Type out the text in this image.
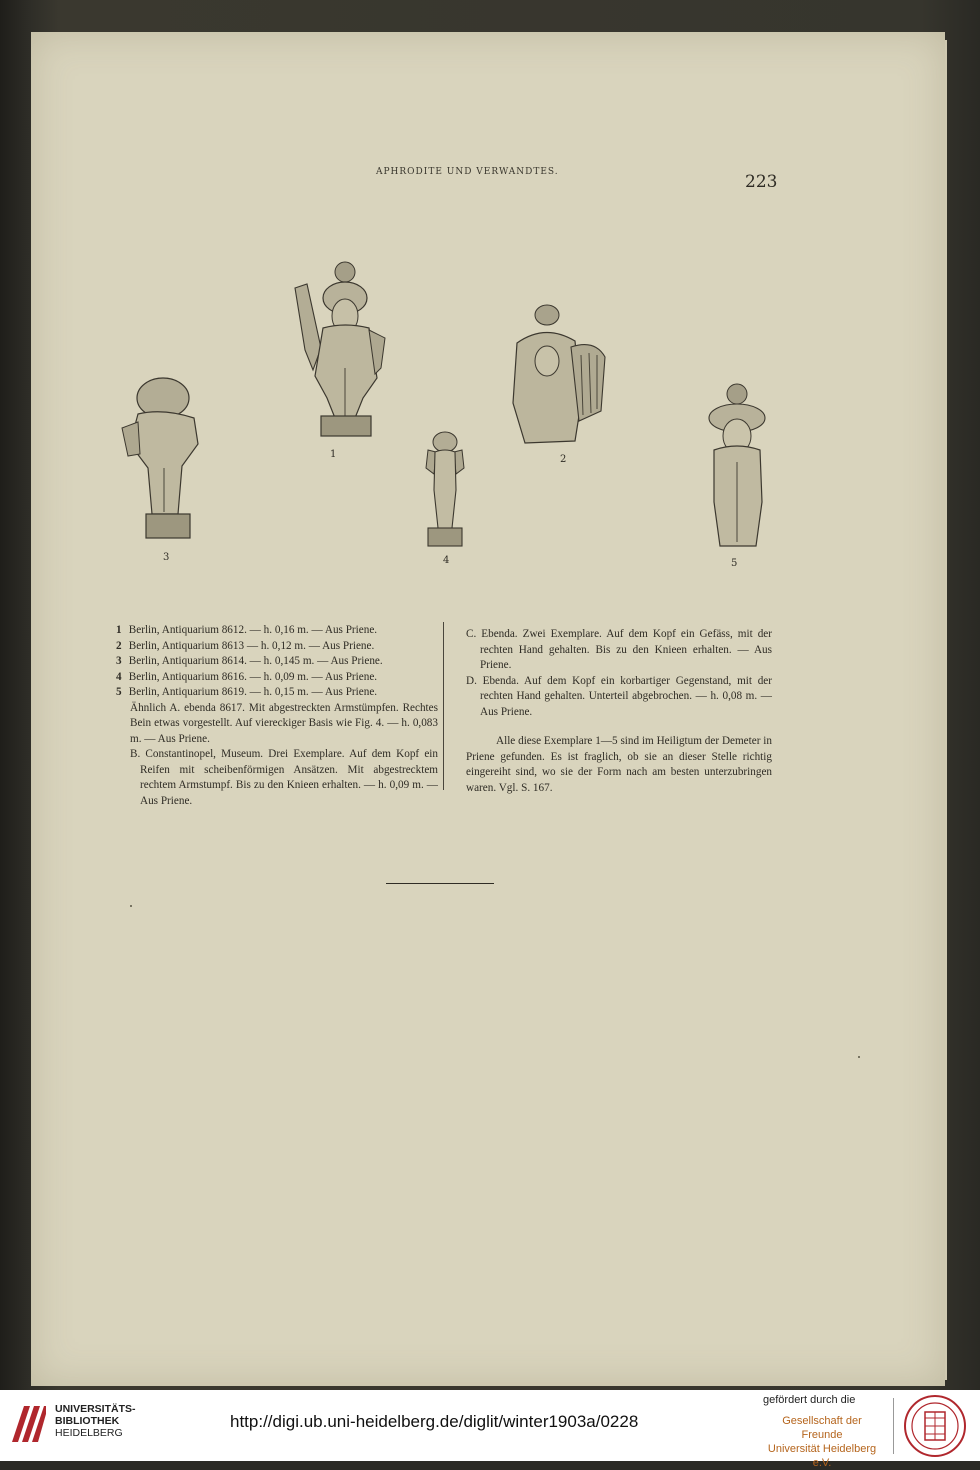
APHRODITE UND VERWANDTES.	223
1	2
3	4	5

1 Berlin, Antiquarium 8612. — h. 0,16 m. — Aus Priene.

2 Berlin, Antiquarium 8613 — h. 0,12 m. — Aus Priene.

3 Berlin, Antiquarium 8614. — h. 0,145 m. — Aus Priene.

4 Berlin, Antiquarium 8616. — h. 0,09 m. — Aus Priene.

5 Berlin, Antiquarium 8619. — h. 0,15 m. — Aus Priene.

Ähnlich A. ebenda 8617. Mit abgestreckten Armstümpfen. Rechtes Bein etwas vorgestellt. Auf viereckiger Basis wie Fig. 4. — h. 0,083 m. — Aus Priene.

B. Constantinopel, Museum. Drei Exemplare. Auf dem Kopf ein Reifen mit scheibenförmigen Ansätzen. Mit abgestrecktem rechtem Armstumpf. Bis zu den Knieen erhalten. — h. 0,09 m. — Aus Priene.

C. Ebenda. Zwei Exemplare. Auf dem Kopf ein Gefäss, mit der rechten Hand gehalten. Bis zu den Knieen erhalten. — Aus Priene.

D. Ebenda. Auf dem Kopf ein korbartiger Gegenstand, mit der rechten Hand gehalten. Unterteil abgebrochen. — h. 0,08 m. — Aus Priene.

Alle diese Exemplare 1—5 sind im Heiligtum der Demeter in Priene gefunden. Es ist fraglich, ob sie an dieser Stelle richtig eingereiht sind, wo sie der Form nach am besten unterzubringen waren. Vgl. S. 167.

UNIVERSITÄTS-
BIBLIOTHEK
HEIDELBERG
http://digi.ub.uni-heidelberg.de/diglit/winter1903a/0228
gefördert durch die
Gesellschaft der Freunde
Universität Heidelberg e.V.
